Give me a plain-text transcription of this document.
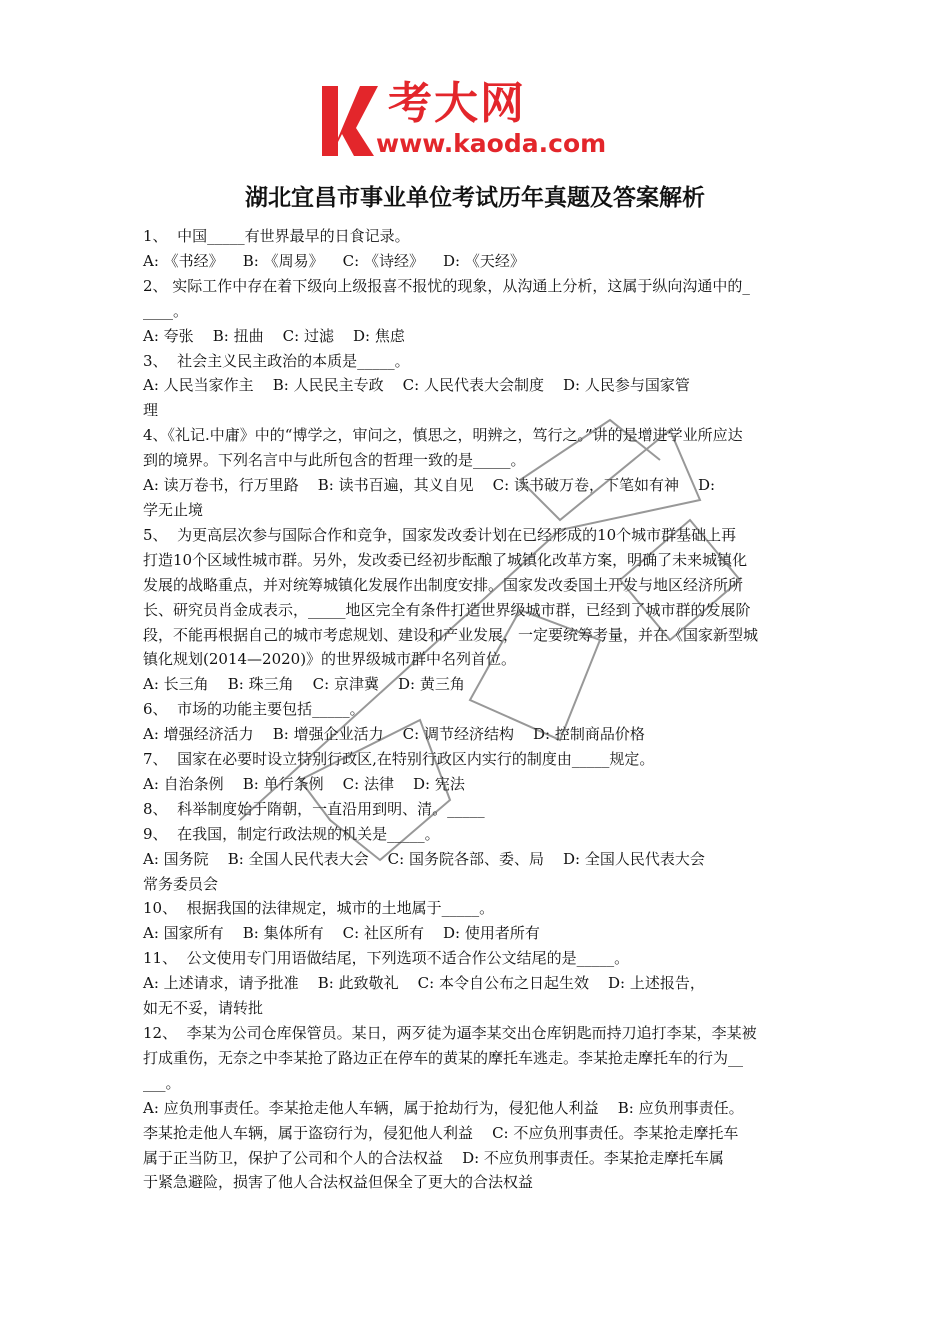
考大网
www.kaoda.com
湖北宜昌市事业单位考试历年真题及答案解析

1、  中国_____有世界最早的日食记录。

A: 《书经》    B: 《周易》    C: 《诗经》    D: 《天经》

2、 实际工作中存在着下级向上级报喜不报忧的现象，从沟通上分析，这属于纵向沟通中的_

____。

A: 夸张    B: 扭曲    C: 过滤    D: 焦虑

3、  社会主义民主政治的本质是_____。

A: 人民当家作主    B: 人民民主专政    C: 人民代表大会制度    D: 人民参与国家管

理

4、《礼记.中庸》中的“博学之，审问之，慎思之，明辨之，笃行之。”讲的是增进学业所应达

到的境界。下列名言中与此所包含的哲理一致的是_____。

A: 读万卷书，行万里路    B: 读书百遍，其义自见    C: 读书破万卷，下笔如有神    D:

学无止境

5、  为更高层次参与国际合作和竞争，国家发改委计划在已经形成的10个城市群基础上再

打造10个区域性城市群。另外，发改委已经初步酝酿了城镇化改革方案，明确了未来城镇化

发展的战略重点，并对统筹城镇化发展作出制度安排。国家发改委国土开发与地区经济所所

长、研究员肖金成表示，_____地区完全有条件打造世界级城市群，已经到了城市群的发展阶

段，不能再根据自己的城市考虑规划、建设和产业发展，一定要统筹考量，并在《国家新型城

镇化规划(2014—2020)》的世界级城市群中名列首位。

A: 长三角    B: 珠三角    C: 京津冀    D: 黄三角

6、  市场的功能主要包括_____。

A: 增强经济活力    B: 增强企业活力    C: 调节经济结构    D: 控制商品价格

7、  国家在必要时设立特别行政区,在特别行政区内实行的制度由_____规定。

A: 自治条例    B: 单行条例    C: 法律    D: 宪法

8、  科举制度始于隋朝，一直沿用到明、清。_____

9、  在我国，制定行政法规的机关是_____。

A: 国务院    B: 全国人民代表大会    C: 国务院各部、委、局    D: 全国人民代表大会

常务委员会

10、  根据我国的法律规定，城市的土地属于_____。

A: 国家所有    B: 集体所有    C: 社区所有    D: 使用者所有

11、  公文使用专门用语做结尾，下列选项不适合作公文结尾的是_____。

A: 上述请求，请予批准    B: 此致敬礼    C: 本令自公布之日起生效    D: 上述报告，

如无不妥，请转批

12、  李某为公司仓库保管员。某日，两歹徒为逼李某交出仓库钥匙而持刀追打李某，李某被

打成重伤，无奈之中李某抢了路边正在停车的黄某的摩托车逃走。李某抢走摩托车的行为__

___。

A: 应负刑事责任。李某抢走他人车辆，属于抢劫行为，侵犯他人利益    B: 应负刑事责任。

李某抢走他人车辆，属于盗窃行为，侵犯他人利益    C: 不应负刑事责任。李某抢走摩托车

属于正当防卫，保护了公司和个人的合法权益    D: 不应负刑事责任。李某抢走摩托车属

于紧急避险，损害了他人合法权益但保全了更大的合法权益
